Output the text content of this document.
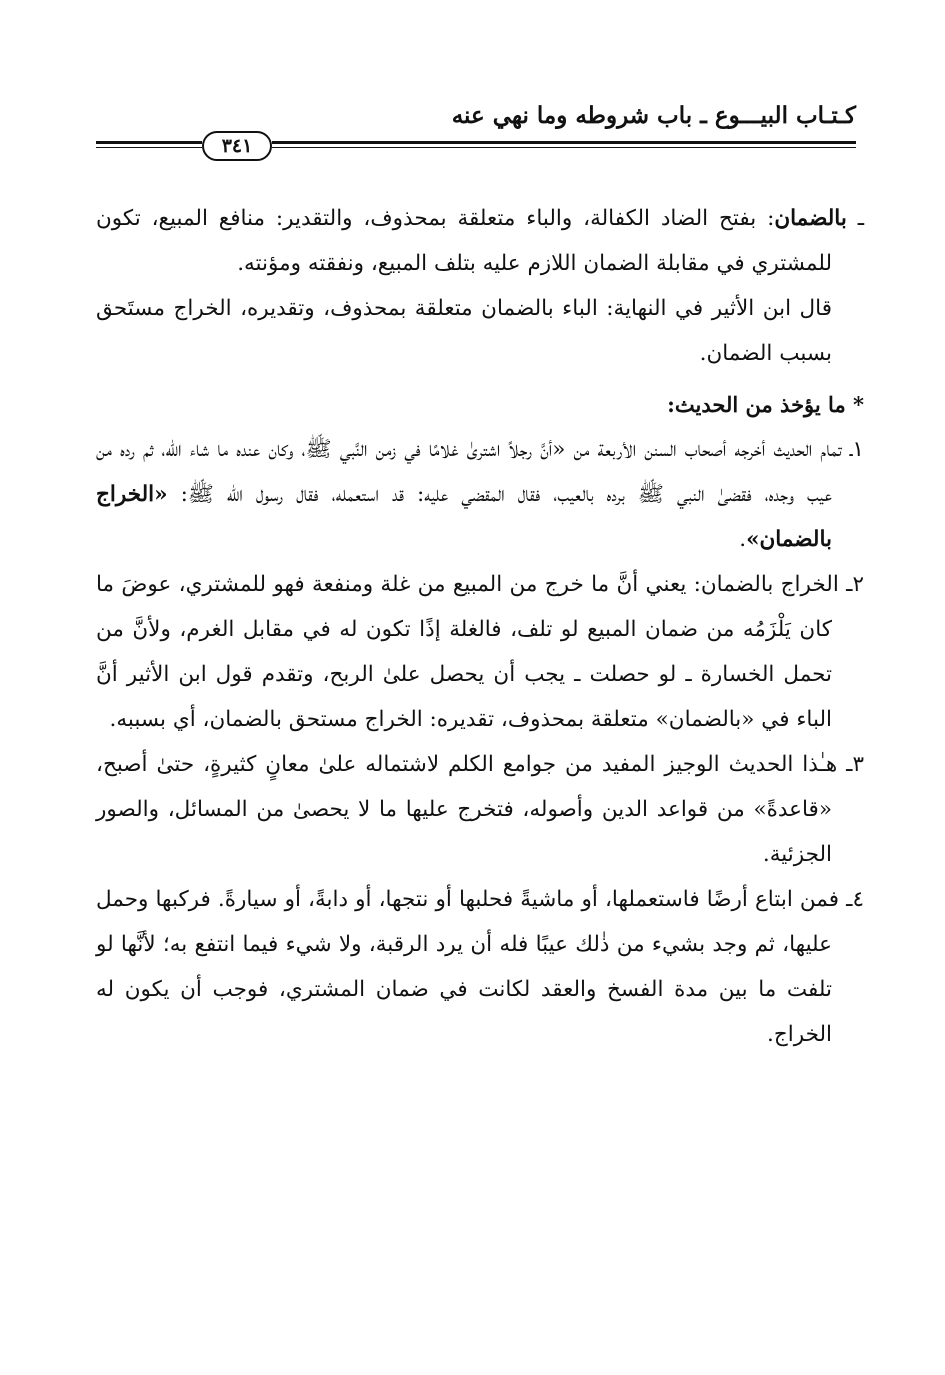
كـتـاب البيـــوع ـ باب شروطه وما نهي عنه
٣٤١

ـ بالضمان: بفتح الضاد الكفالة، والباء متعلقة بمحذوف، والتقدير: منافع المبيع، تكون للمشتري في مقابلة الضمان اللازم عليه بتلف المبيع، ونفقته ومؤنته.

قال ابن الأثير في النهاية: الباء بالضمان متعلقة بمحذوف، وتقديره، الخراج مستَحق بسبب الضمان.

* ما يؤخذ من الحديث:

١ـ تمام الحديث أخرجه أصحاب السنن الأربعة من «أنَّ رجلاً اشترىٰ غلامًا في زمن النَّبي ﷺ، وكان عنده ما شاء الله، ثم رده من عيب وجده، فقضىٰ النبي ﷺ برده بالعيب، فقال المقضي عليه: قد استعمله، فقال رسول الله ﷺ: «الخراج بالضمان».

٢ـ الخراج بالضمان: يعني أنَّ ما خرج من المبيع من غلة ومنفعة فهو للمشتري، عوضَ ما كان يَلْزَمُه من ضمان المبيع لو تلف، فالغلة إذًا تكون له في مقابل الغرم، ولأنَّ من تحمل الخسارة ـ لو حصلت ـ يجب أن يحصل علىٰ الربح، وتقدم قول ابن الأثير أنَّ الباء في «بالضمان» متعلقة بمحذوف، تقديره: الخراج مستحق بالضمان، أي بسببه.

٣ـ هـٰذا الحديث الوجيز المفيد من جوامع الكلم لاشتماله علىٰ معانٍ كثيرةٍ، حتىٰ أصبح، «قاعدةً» من قواعد الدين وأصوله، فتخرج عليها ما لا يحصىٰ من المسائل، والصور الجزئية.

٤ـ فمن ابتاع أرضًا فاستعملها، أو ماشيةً فحلبها أو نتجها، أو دابةً، أو سيارةً. فركبها وحمل عليها، ثم وجد بشيء من ذٰلك عيبًا فله أن يرد الرقبة، ولا شيء فيما انتفع به؛ لأنَّها لو تلفت ما بين مدة الفسخ والعقد لكانت في ضمان المشتري، فوجب أن يكون له الخراج.
